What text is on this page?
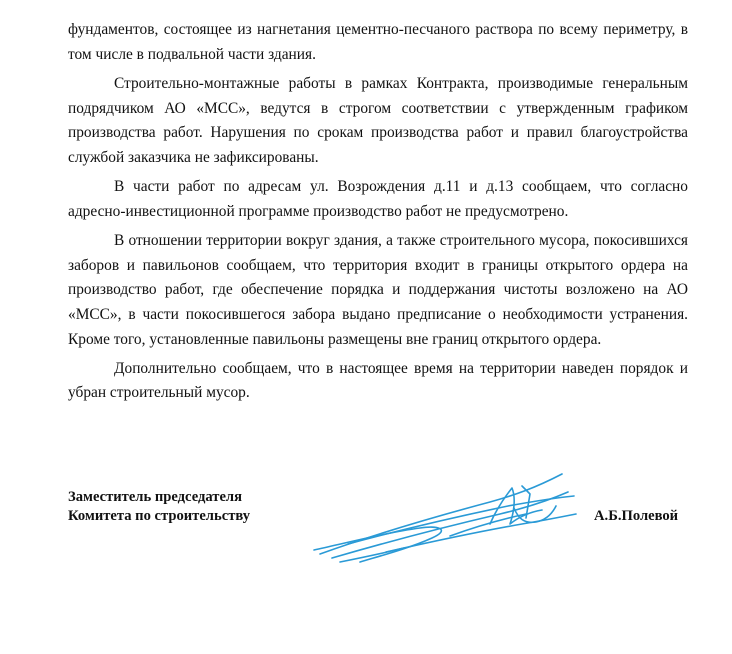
фундаментов, состоящее из нагнетания цементно-песчаного раствора по всему периметру, в том числе в подвальной части здания.

Строительно-монтажные работы в рамках Контракта, производимые генеральным подрядчиком АО «МСС», ведутся в строгом соответствии с утвержденным графиком производства работ. Нарушения по срокам производства работ и правил благоустройства службой заказчика не зафиксированы.

В части работ по адресам ул. Возрождения д.11 и д.13 сообщаем, что согласно адресно-инвестиционной программе производство работ не предусмотрено.

В отношении территории вокруг здания, а также строительного мусора, покосившихся заборов и павильонов сообщаем, что территория входит в границы открытого ордера на производство работ, где обеспечение порядка и поддержания чистоты возложено на АО «МСС», в части покосившегося забора выдано предписание о необходимости устранения. Кроме того, установленные павильоны размещены вне границ открытого ордера.

Дополнительно сообщаем, что в настоящее время на территории наведен порядок и убран строительный мусор.

Заместитель председателя
Комитета по строительству	А.Б.Полевой
